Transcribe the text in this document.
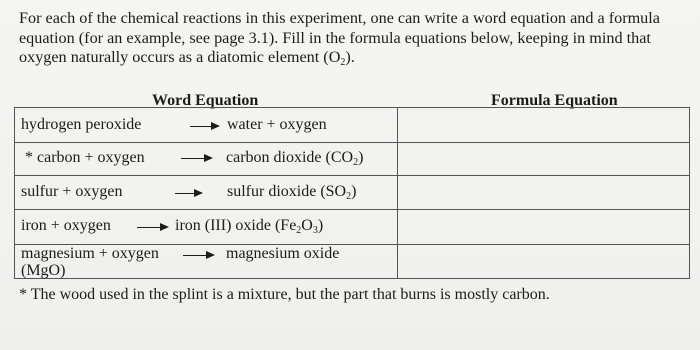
For each of the chemical reactions in this experiment, one can write a word equation and a formula
equation (for an example, see page 3.1). Fill in the formula equations below, keeping in mind that
oxygen naturally occurs as a diatomic element $(O_2)$.
Word Equation	Formula Equation
hydrogen peroxide	→ water + oxygen
* carbon + oxygen → carbon dioxide $(CO_2)$
sulfur + oxygen	sulfur dioxide $(SO_2)$
iron + oxygen → iron (III) oxide $(Fe_2O_3)$
magnesium + oxygen → magnesium oxide
(MgO)
* The wood used in the splint is a mixture, but the part that burns is mostly carbon.
